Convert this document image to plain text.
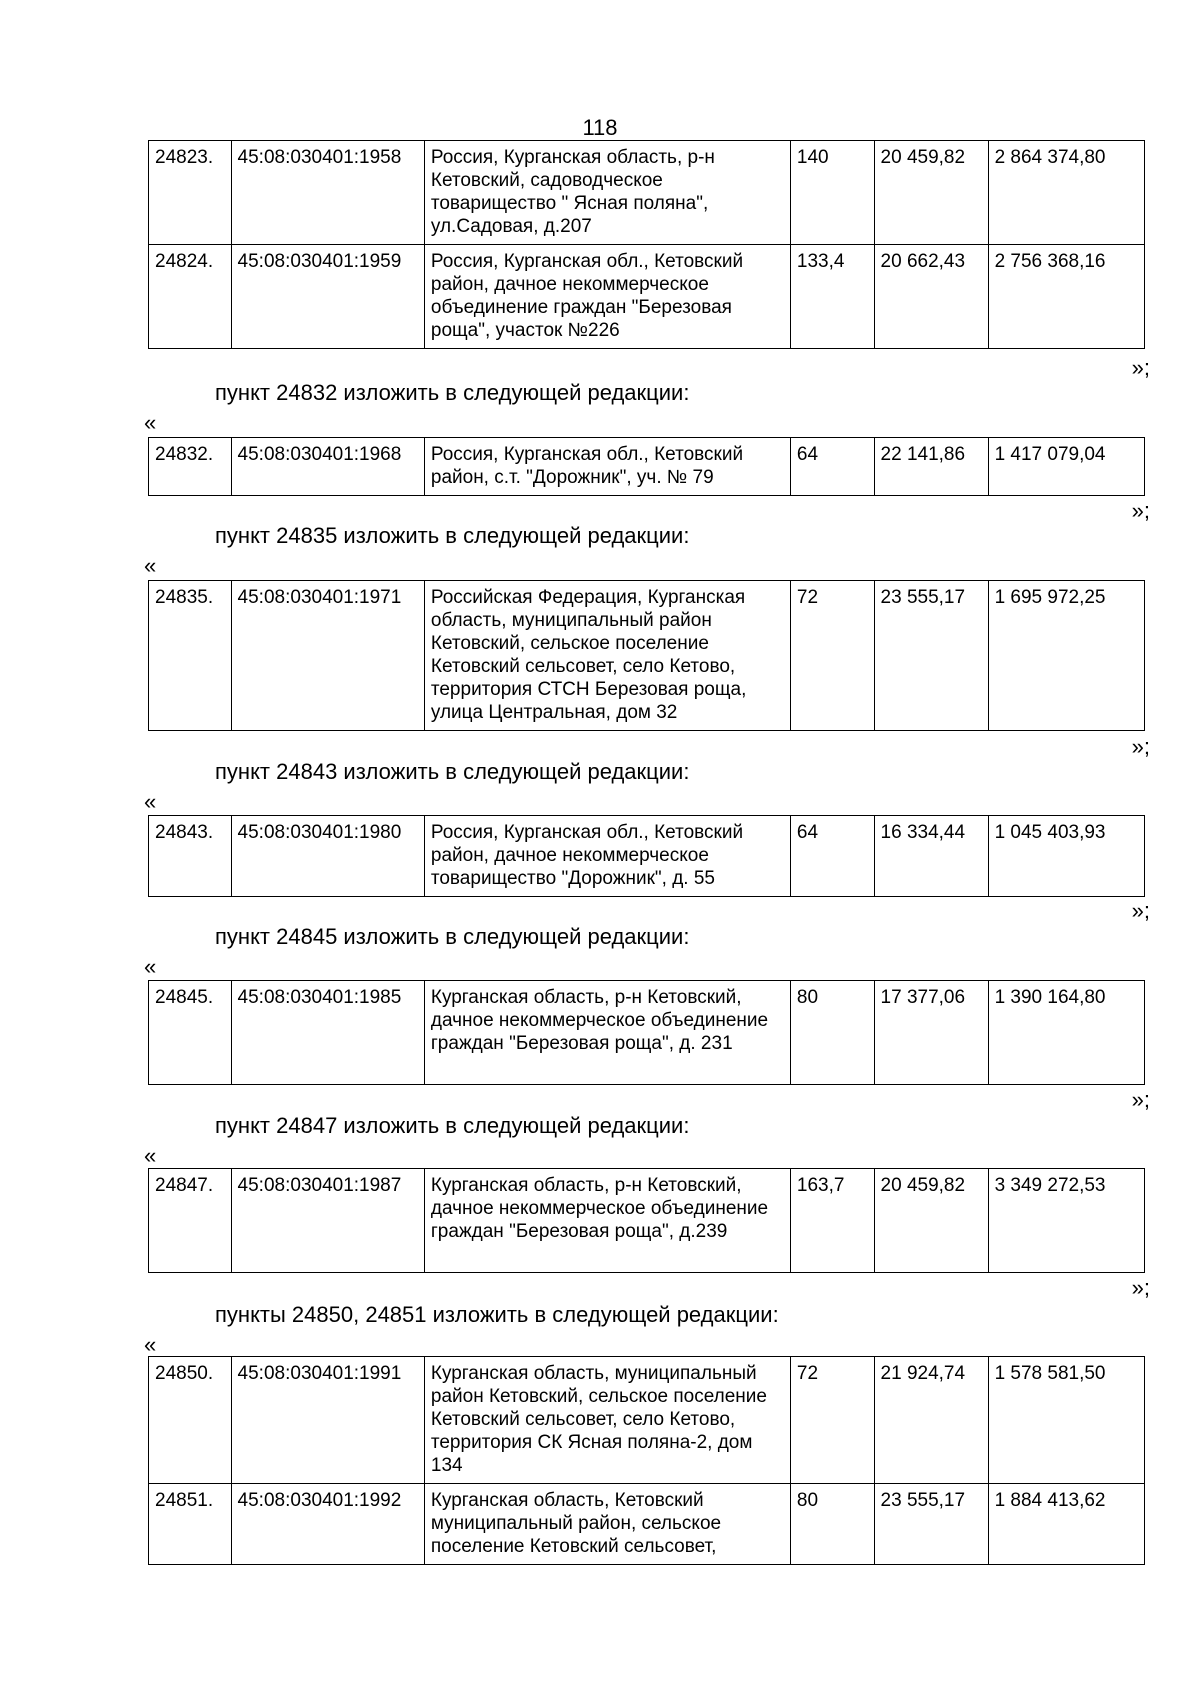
118
24823.	45:08:030401:1958	Россия, Курганская область, р-н Кетовский, садоводческое товарищество " Ясная поляна", ул.Садовая, д.207	140	20 459,82	2 864 374,80
24824.	45:08:030401:1959	Россия, Курганская обл., Кетовский район, дачное некоммерческое объединение граждан "Березовая роща", участок №226	133,4	20 662,43	2 756 368,16
»;
пункт 24832 изложить в следующей редакции:
«
24832.	45:08:030401:1968	Россия, Курганская обл., Кетовский район, с.т. "Дорожник", уч. № 79	64	22 141,86	1 417 079,04
»;
пункт 24835 изложить в следующей редакции:
«
24835.	45:08:030401:1971	Российская Федерация, Курганская область, муниципальный район Кетовский, сельское поселение Кетовский сельсовет, село Кетово, территория СТСН Березовая роща, улица Центральная, дом 32	72	23 555,17	1 695 972,25
»;
пункт 24843 изложить в следующей редакции:
«
24843.	45:08:030401:1980	Россия, Курганская обл., Кетовский район, дачное некоммерческое товарищество "Дорожник", д. 55	64	16 334,44	1 045 403,93
»;
пункт 24845 изложить в следующей редакции:
«
24845.	45:08:030401:1985	Курганская область, р-н Кетовский, дачное некоммерческое объединение граждан "Березовая роща", д. 231	80	17 377,06	1 390 164,80
»;
пункт 24847 изложить в следующей редакции:
«
24847.	45:08:030401:1987	Курганская область, р-н Кетовский, дачное некоммерческое объединение граждан "Березовая роща", д.239	163,7	20 459,82	3 349 272,53
»;
пункты 24850, 24851 изложить в следующей редакции:
«
24850.	45:08:030401:1991	Курганская область, муниципальный район Кетовский, сельское поселение Кетовский сельсовет, село Кетово, территория СК Ясная поляна-2, дом 134	72	21 924,74	1 578 581,50
24851.	45:08:030401:1992	Курганская область, Кетовский муниципальный район, сельское поселение Кетовский сельсовет,	80	23 555,17	1 884 413,62
